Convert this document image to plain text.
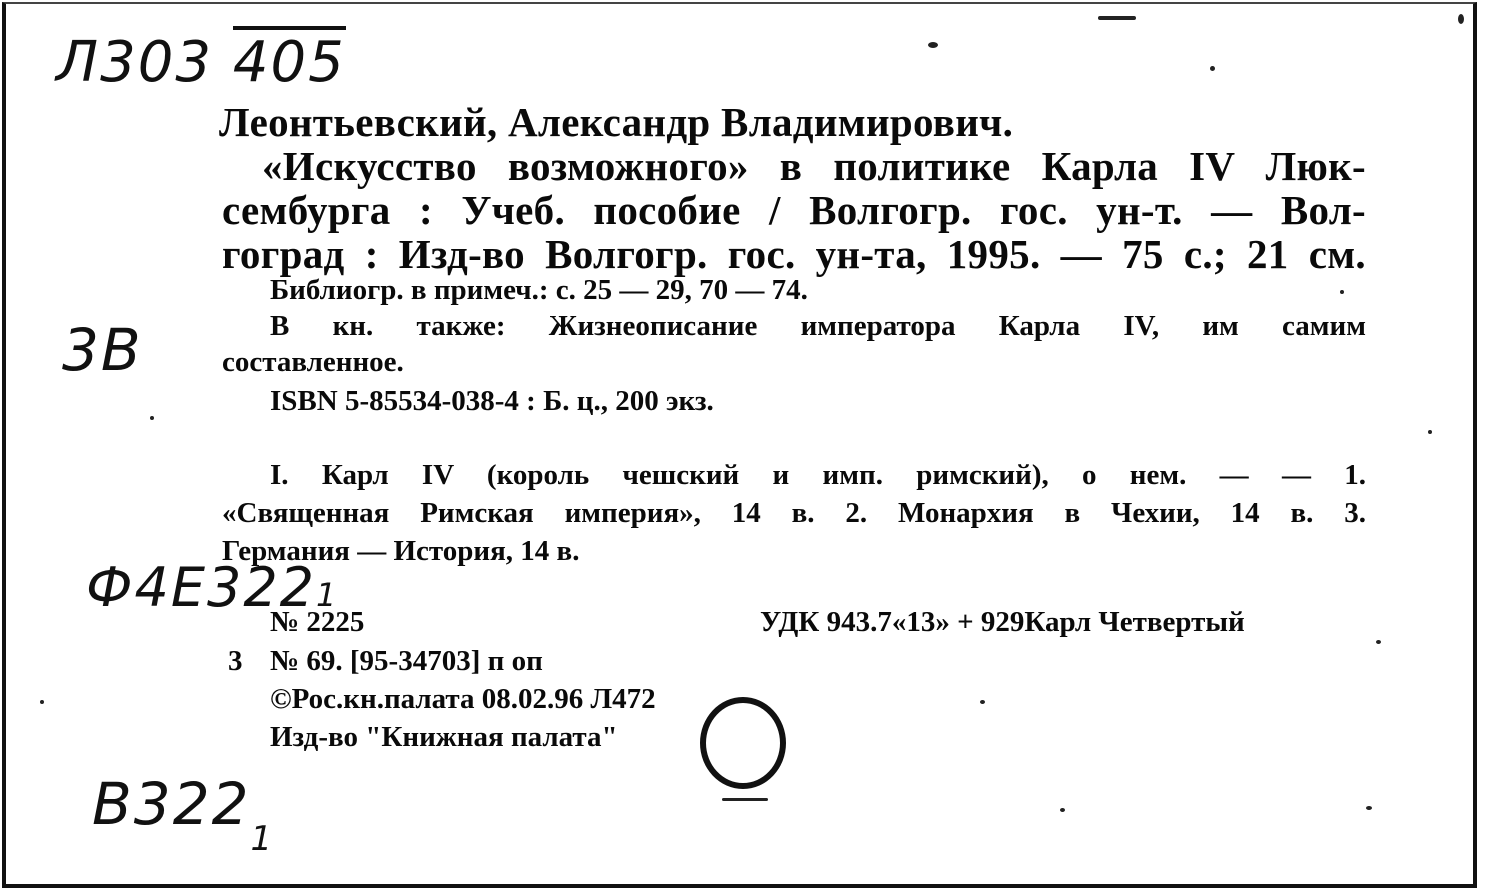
Л303 405
3B
Ф4Е3221
$B322_1$
Леонтьевский, Александр Владимирович.
«Искусство возможного» в политике Карла IV Люк-
сембурга : Учеб. пособие / Волгогр. гос. ун-т. — Вол-
гоград : Изд-во Волгогр. гос. ун-та, 1995. — 75 с.; 21 см.
Библиогр. в примеч.: с. 25 — 29, 70 — 74.
В кн. также: Жизнеописание императора Карла IV, им самим
составленное.
ISBN 5-85534-038-4 : Б. ц., 200 экз.
I. Карл IV (король чешский и имп. римский), о нем. — — 1.
«Священная Римская империя», 14 в. 2. Монархия в Чехии, 14 в. 3.
Германия — История, 14 в.
№ 2225	УДК 943.7«13» + 929Карл Четвертый
3 № 69. [95-34703] п оп
©Рос.кн.палата 08.02.96 Л472
Изд-во "Книжная палата"
